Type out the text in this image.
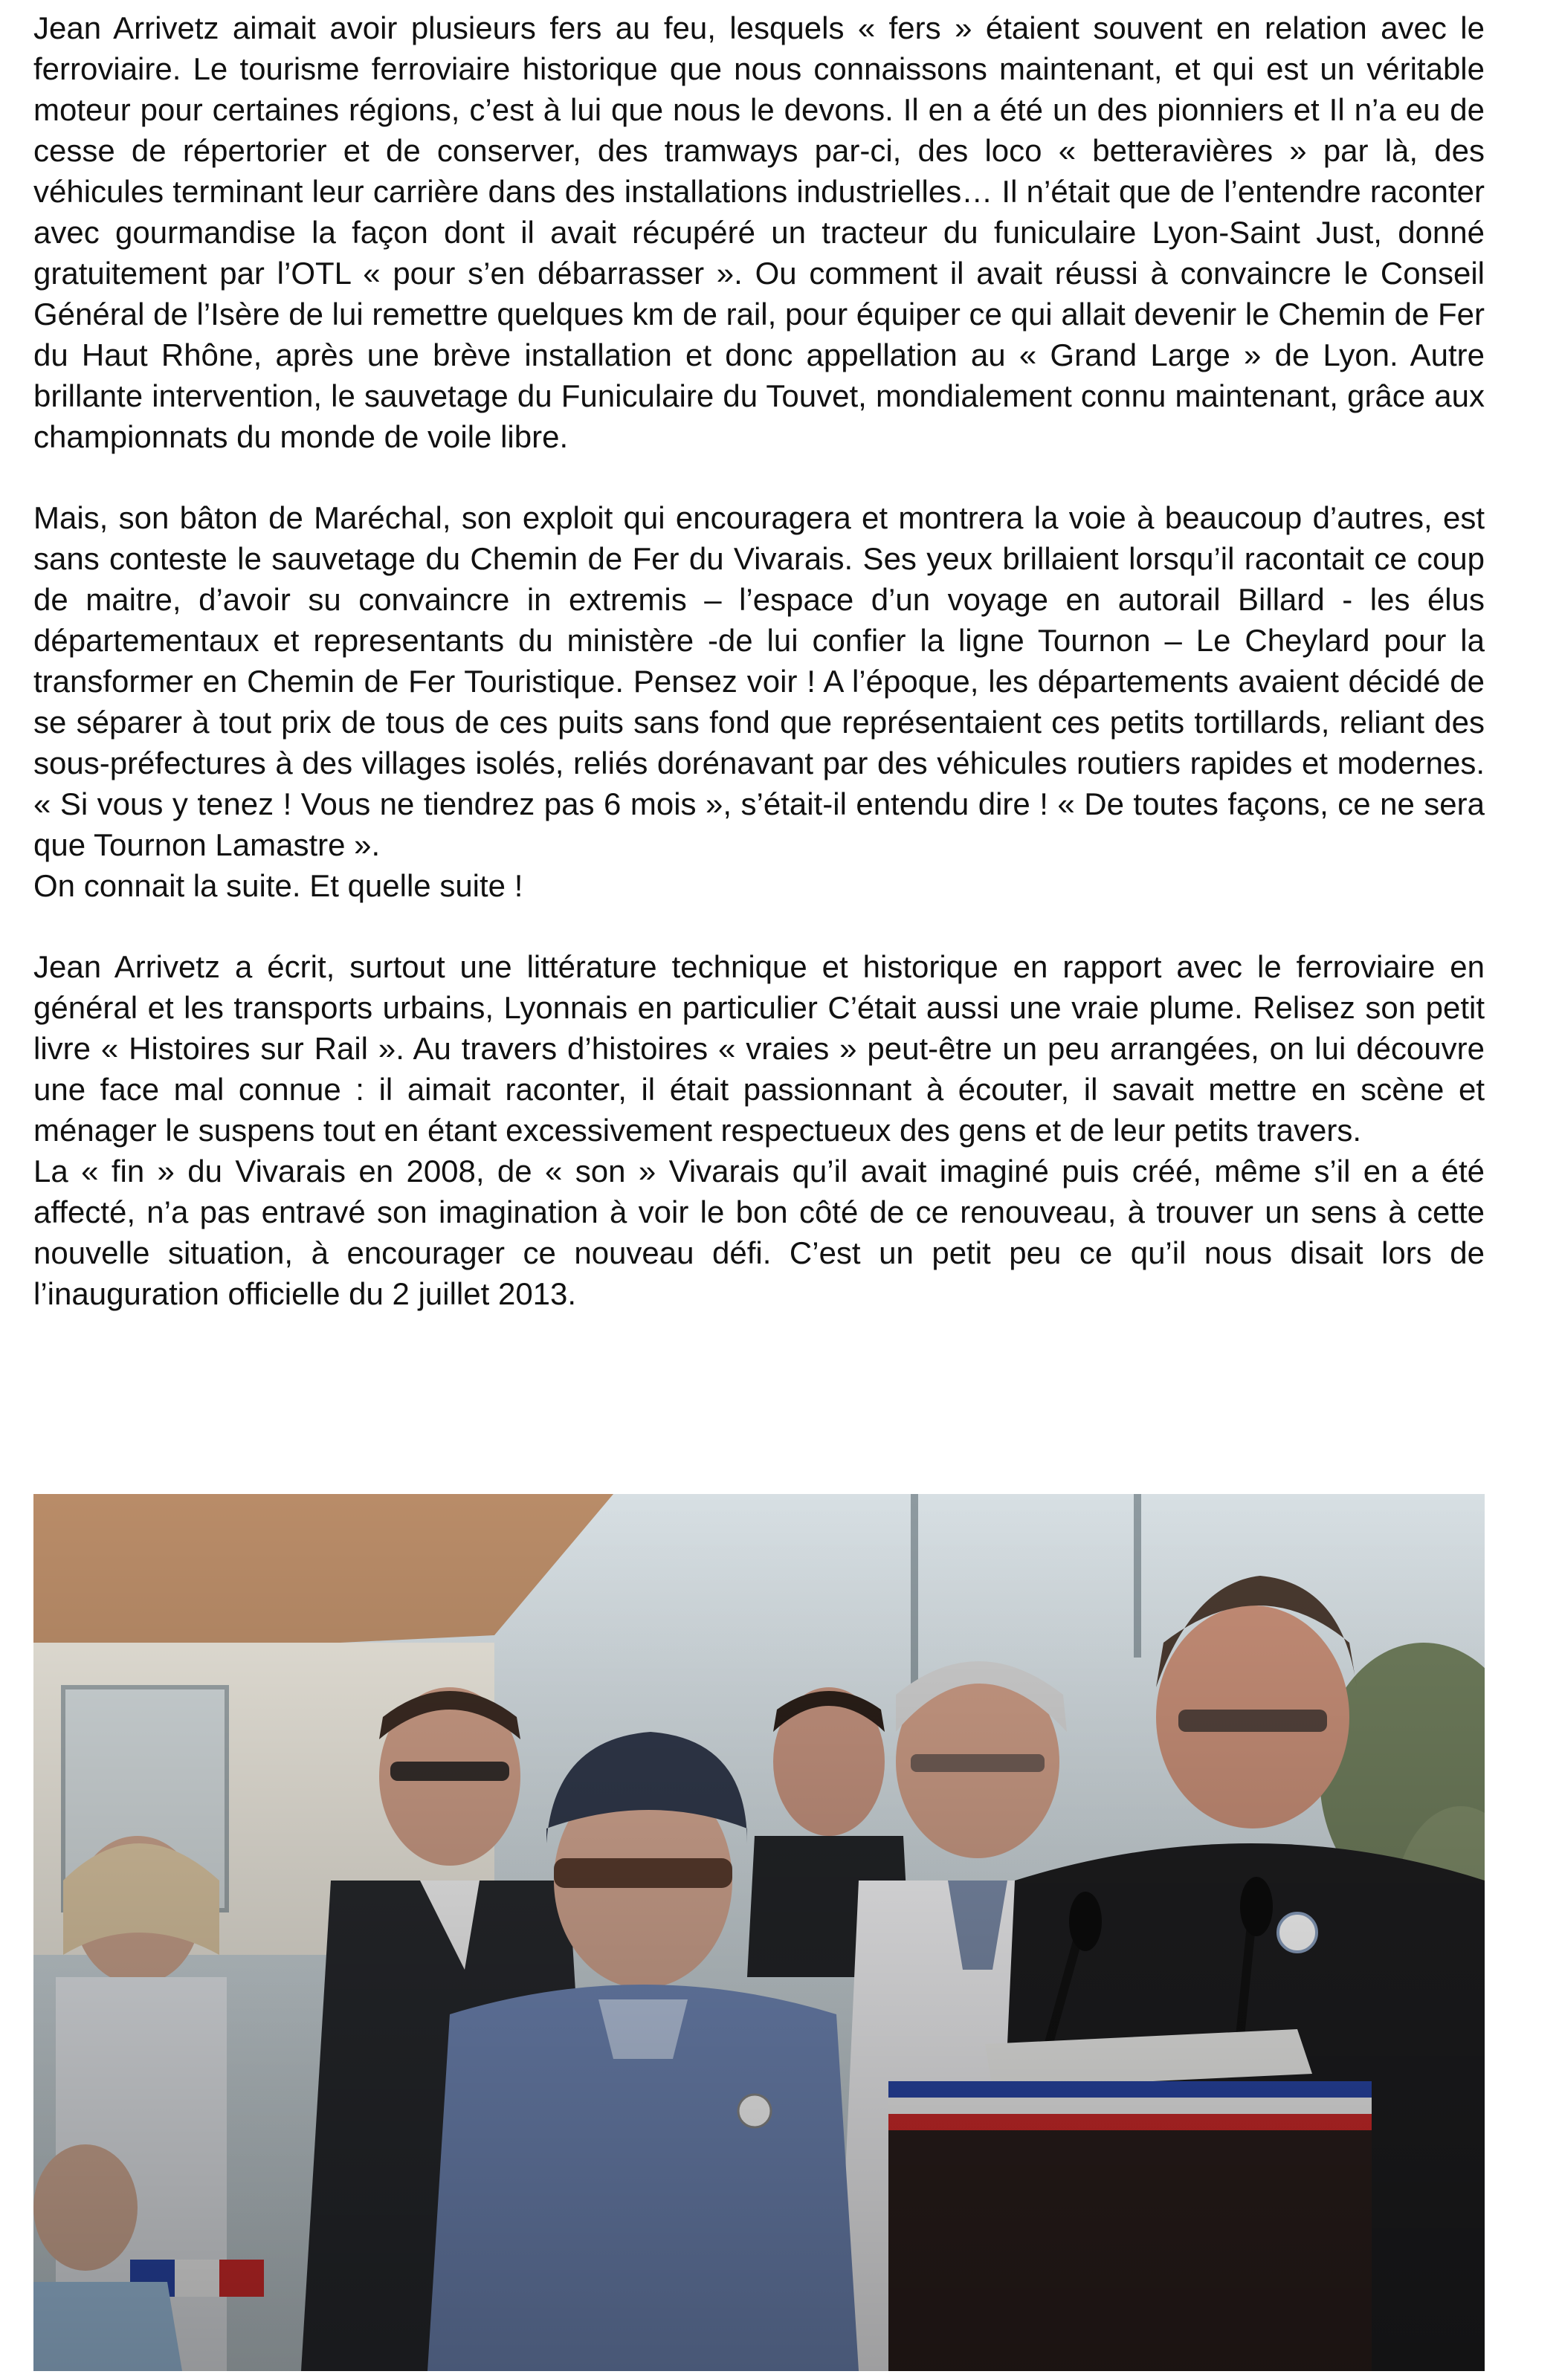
Jean Arrivetz aimait avoir plusieurs fers au feu, lesquels « fers » étaient souvent en relation avec le ferroviaire. Le tourisme ferroviaire historique que nous connaissons maintenant, et qui est un véritable moteur pour certaines régions, c’est à lui que nous le devons. Il en a été un des pionniers et Il n’a eu de cesse de répertorier et de conserver, des tramways par-ci, des loco « betteravières » par là, des véhicules terminant leur carrière dans des installations industrielles… Il n’était que de l’entendre raconter avec gourmandise la façon dont il avait récupéré un tracteur du funiculaire Lyon-Saint Just, donné gratuitement par l’OTL « pour s’en débarrasser ». Ou comment il avait réussi à convaincre le Conseil Général de l’Isère de lui remettre quelques km de rail, pour équiper ce qui allait devenir le Chemin de Fer du Haut Rhône, après une brève installation et donc appellation au « Grand Large » de Lyon. Autre brillante intervention, le sauvetage du Funiculaire du Touvet, mondialement connu maintenant, grâce aux championnats du monde de voile libre.

Mais, son bâton de Maréchal, son exploit qui encouragera et montrera la voie à beaucoup d’autres, est sans conteste le sauvetage du Chemin de Fer du Vivarais. Ses yeux brillaient lorsqu’il racontait ce coup de maitre, d’avoir su convaincre in extremis – l’espace d’un voyage en autorail Billard - les élus départementaux et representants du ministère -de lui confier la ligne Tournon – Le Cheylard pour la transformer en Chemin de Fer Touristique. Pensez voir ! A l’époque, les départements avaient décidé de se séparer à tout prix de tous de ces puits sans fond que représentaient ces petits tortillards, reliant des sous-préfectures à des villages isolés, reliés dorénavant par des véhicules routiers rapides et modernes. « Si vous y tenez ! Vous ne tiendrez pas 6 mois », s’était-il entendu dire ! « De toutes façons, ce ne sera que Tournon Lamastre ».

On connait la suite. Et quelle suite !

Jean Arrivetz a écrit, surtout une littérature technique et historique en rapport avec le ferroviaire en général et les transports urbains, Lyonnais en particulier C’était aussi une vraie plume. Relisez son petit livre « Histoires sur Rail ». Au travers d’histoires « vraies » peut-être un peu arrangées, on lui découvre une face mal connue : il aimait raconter, il était passionnant à écouter, il savait mettre en scène et ménager le suspens tout en étant excessivement respectueux des gens et de leur petits travers.

La « fin » du Vivarais en 2008, de « son » Vivarais qu’il avait imaginé puis créé, même s’il en a été affecté, n’a pas entravé son imagination à voir le bon côté de ce renouveau, à trouver un sens à cette nouvelle situation, à encourager ce nouveau défi. C’est un petit peu ce qu’il nous disait lors de l’inauguration officielle du 2 juillet 2013.
